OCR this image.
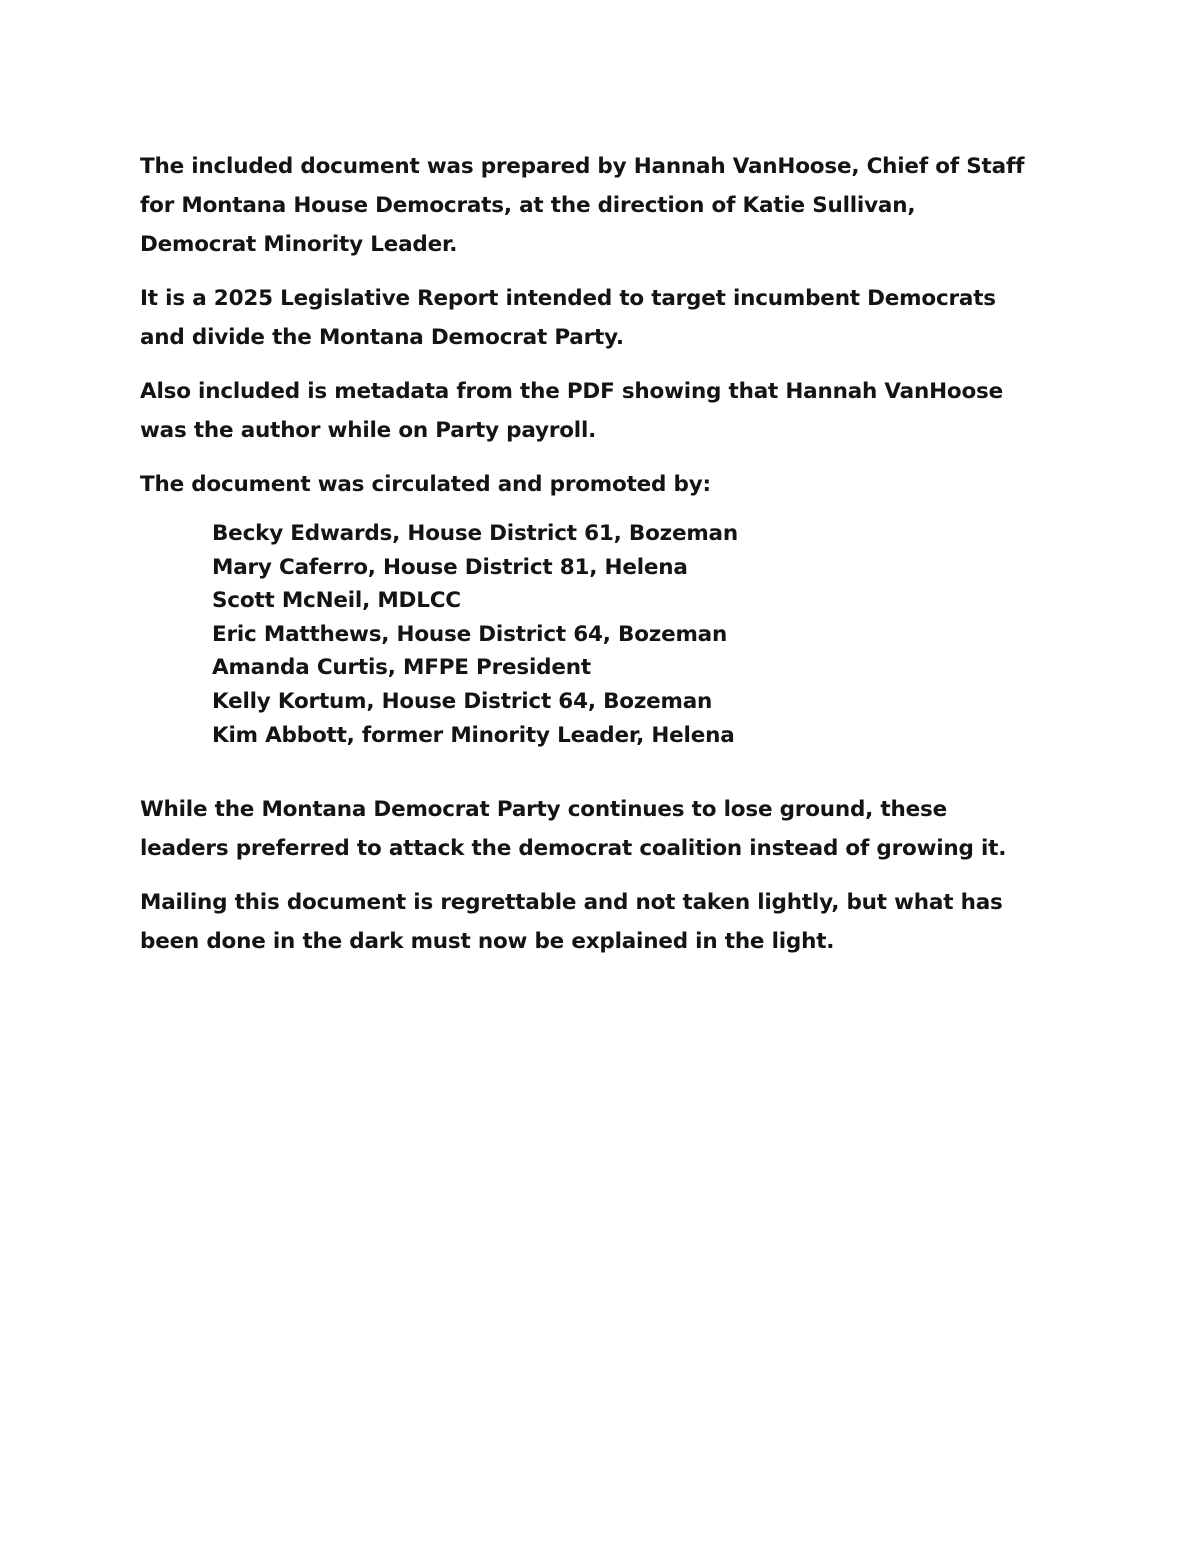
The included document was prepared by Hannah VanHoose, Chief of Staff
for Montana House Democrats, at the direction of Katie Sullivan,
Democrat Minority Leader.

It is a 2025 Legislative Report intended to target incumbent Democrats
and divide the Montana Democrat Party.

Also included is metadata from the PDF showing that Hannah VanHoose
was the author while on Party payroll.

The document was circulated and promoted by:

Becky Edwards, House District 61, Bozeman
Mary Caferro, House District 81, Helena
Scott McNeil, MDLCC
Eric Matthews, House District 64, Bozeman
Amanda Curtis, MFPE President
Kelly Kortum, House District 64, Bozeman
Kim Abbott, former Minority Leader, Helena

While the Montana Democrat Party continues to lose ground, these
leaders preferred to attack the democrat coalition instead of growing it.

Mailing this document is regrettable and not taken lightly, but what has
been done in the dark must now be explained in the light.
